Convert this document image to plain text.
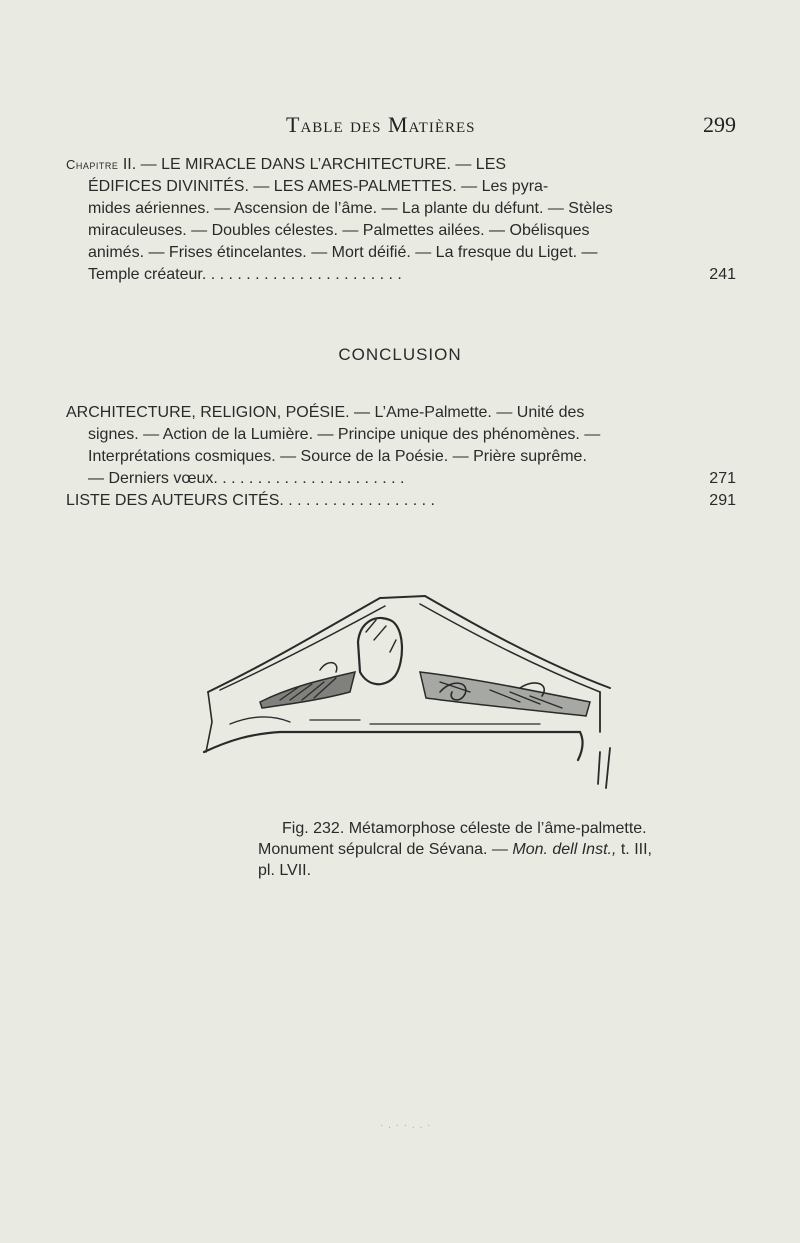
Table des Matières	299
Chapitre II. — LE MIRACLE DANS L’ARCHITECTURE. — LES
ÉDIFICES DIVINITÉS. — LES AMES-PALMETTES. — Les pyra-
mides aériennes. — Ascension de l’âme. — La plante du défunt. — Stèles
miraculeuses. — Doubles célestes. — Palmettes ailées. — Obélisques
animés. — Frises étincelantes. — Mort déifié. — La fresque du Liget. —
Temple créateur. . . . . . . . . . . . . . . . . . . . . . .	241
CONCLUSION
ARCHITECTURE, RELIGION, POÉSIE. — L’Ame-Palmette. — Unité des
signes. — Action de la Lumière. — Principe unique des phénomènes. —
Interprétations cosmiques. — Source de la Poésie. — Prière suprême.
— Derniers vœux. . . . . . . . . . . . . . . . . . . . . .	271
LISTE DES AUTEURS CITÉS. . . . . . . . . . . . . . . . . .	291
Fig. 232. Métamorphose céleste de l’âme-palmette.
Monument sépulcral de Sévana. — Mon. dell Inst., t. III,
pl. LVII.
· . · · . . ·
